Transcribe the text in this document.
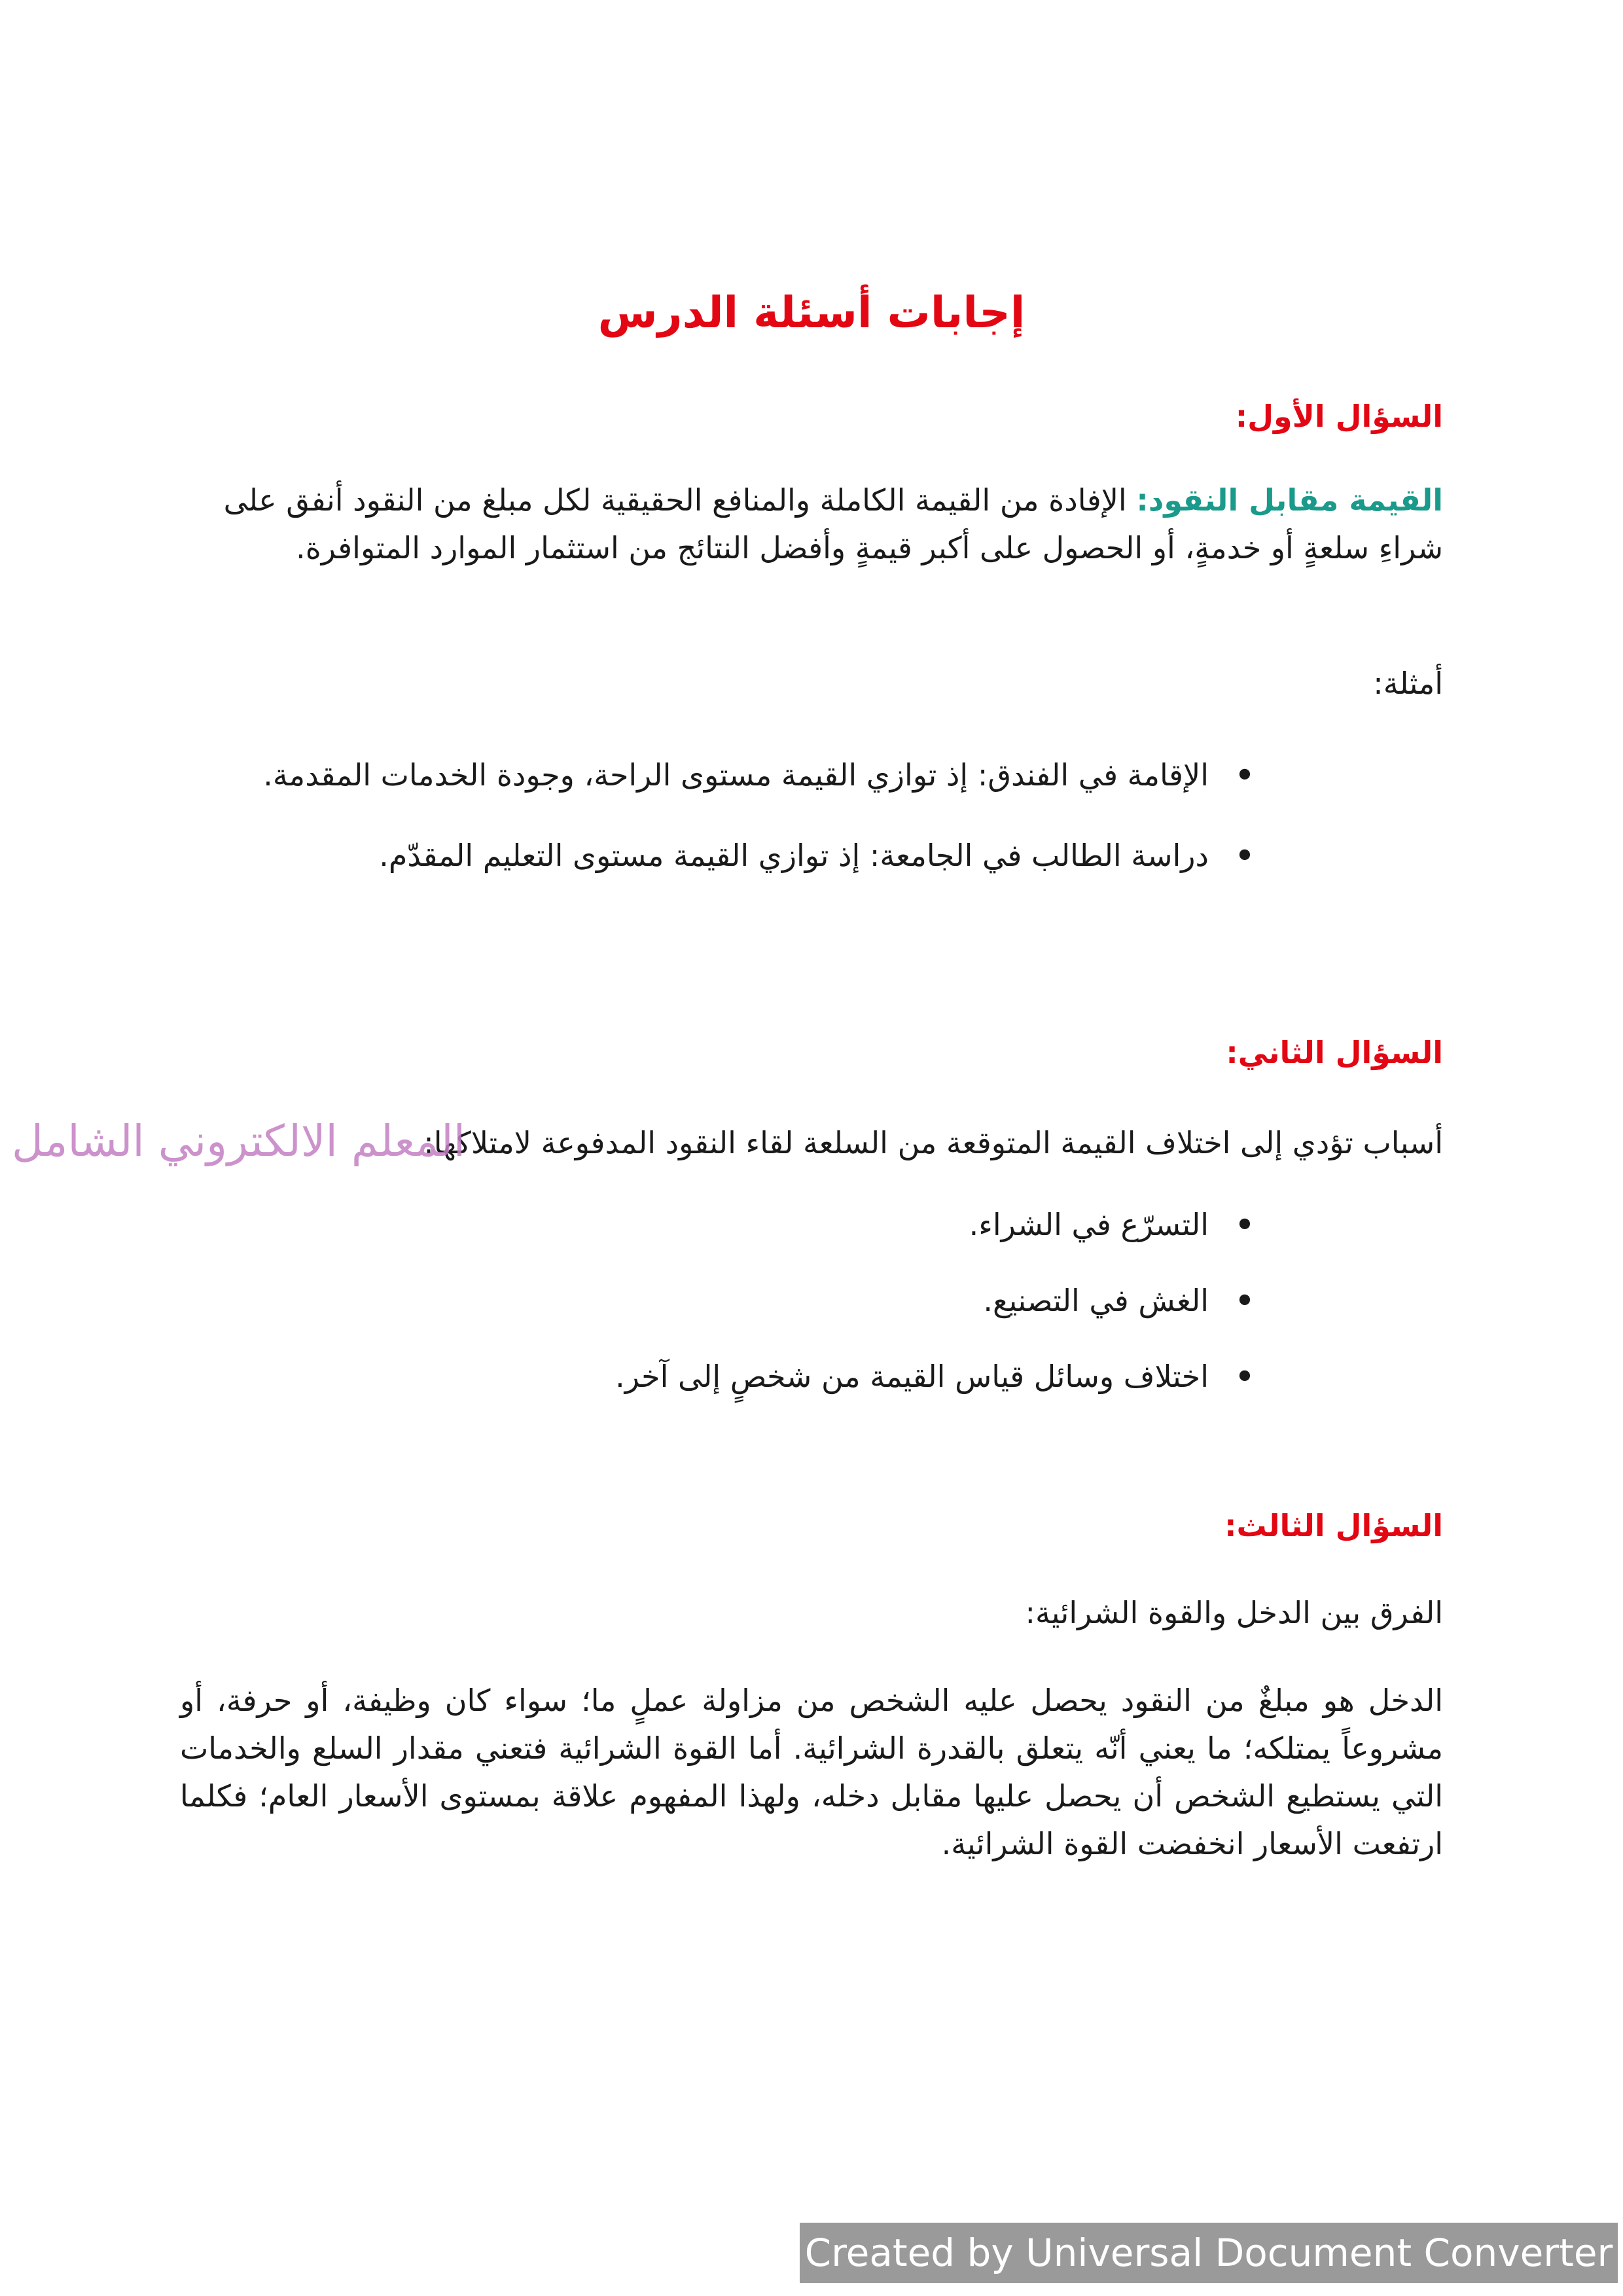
إجابات أسئلة الدرس
السؤال الأول:
القيمة مقابل النقود: الإفادة من القيمة الكاملة والمنافع الحقيقية لكل مبلغ من النقود أنفق على شراءِ سلعةٍ أو خدمةٍ، أو الحصول على أكبر قيمةٍ وأفضل النتائج من استثمار الموارد المتوافرة.
أمثلة:
•
الإقامة في الفندق: إذ توازي القيمة مستوى الراحة، وجودة الخدمات المقدمة.
•
دراسة الطالب في الجامعة: إذ توازي القيمة مستوى التعليم المقدّم.
السؤال الثاني:
أسباب تؤدي إلى اختلاف القيمة المتوقعة من السلعة لقاء النقود المدفوعة لامتلاكها:
•
التسرّع في الشراء.
•
الغش في التصنيع.
•
اختلاف وسائل قياس القيمة من شخصٍ إلى آخر.
السؤال الثالث:
الفرق بين الدخل والقوة الشرائية:
الدخل هو مبلغٌ من النقود يحصل عليه الشخص من مزاولة عملٍ ما؛ سواء كان وظيفة، أو حرفة، أو مشروعاً يمتلكه؛ ما يعني أنّه يتعلق بالقدرة الشرائية. أما القوة الشرائية فتعني مقدار السلع والخدمات التي يستطيع الشخص أن يحصل عليها مقابل دخله، ولهذا المفهوم علاقة بمستوى الأسعار العام؛ فكلما ارتفعت الأسعار انخفضت القوة الشرائية.
المعلم الالكتروني الشامل
Created by Universal Document Converter
